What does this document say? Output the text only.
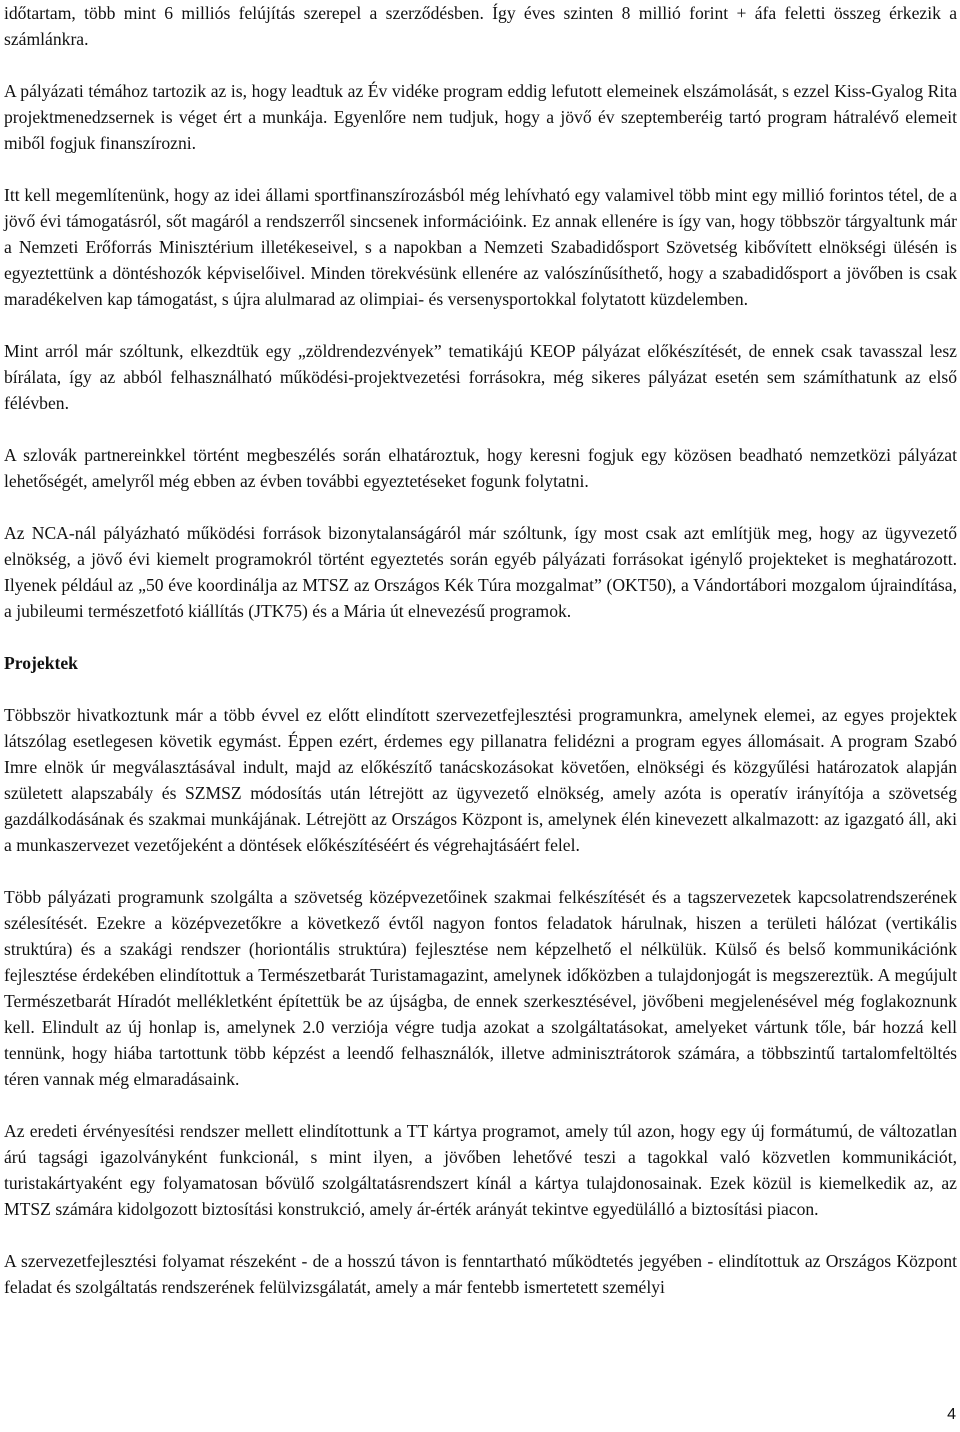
időtartam, több mint 6 milliós felújítás szerepel a szerződésben. Így éves szinten 8 millió forint + áfa feletti összeg érkezik a számlánkra.

A pályázati témához tartozik az is, hogy leadtuk az Év vidéke program eddig lefutott elemeinek elszámolását, s ezzel Kiss-Gyalog Rita projektmenedzsernek is véget ért a munkája. Egyenlőre nem tudjuk, hogy a jövő év szeptemberéig tartó program hátralévő elemeit miből fogjuk finanszírozni.

Itt kell megemlítenünk, hogy az idei állami sportfinanszírozásból még lehívható egy valamivel több mint egy millió forintos tétel, de a jövő évi támogatásról, sőt magáról a rendszerről sincsenek információink. Ez annak ellenére is így van, hogy többször tárgyaltunk már a Nemzeti Erőforrás Minisztérium illetékeseivel, s a napokban a Nemzeti Szabadidősport Szövetség kibővített elnökségi ülésén is egyeztettünk a döntéshozók képviselőivel. Minden törekvésünk ellenére az valószínűsíthető, hogy a szabadidősport a jövőben is csak maradékelven kap támogatást, s újra alulmarad az olimpiai- és versenysportokkal folytatott küzdelemben.

Mint arról már szóltunk, elkezdtük egy „zöldrendezvények” tematikájú KEOP pályázat előkészítését, de ennek csak tavasszal lesz bírálata, így az abból felhasználható működési-projektvezetési forrásokra, még sikeres pályázat esetén sem számíthatunk az első félévben.

A szlovák partnereinkkel történt megbeszélés során elhatároztuk, hogy keresni fogjuk egy közösen beadható nemzetközi pályázat lehetőségét, amelyről még ebben az évben további egyeztetéseket fogunk folytatni.

Az NCA-nál pályázható működési források bizonytalanságáról már szóltunk, így most csak azt említjük meg, hogy az ügyvezető elnökség, a jövő évi kiemelt programokról történt egyeztetés során egyéb pályázati forrásokat igénylő projekteket is meghatározott. Ilyenek például az „50 éve koordinálja az MTSZ az Országos Kék Túra mozgalmat” (OKT50), a Vándortábori mozgalom újraindítása, a jubileumi természetfotó kiállítás (JTK75) és a Mária út elnevezésű programok.

Projektek

Többször hivatkoztunk már a több évvel ez előtt elindított szervezetfejlesztési programunkra, amelynek elemei, az egyes projektek látszólag esetlegesen követik egymást. Éppen ezért, érdemes egy pillanatra felidézni a program egyes állomásait. A program Szabó Imre elnök úr megválasztásával indult, majd az előkészítő tanácskozásokat követően, elnökségi és közgyűlési határozatok alapján született alapszabály és SZMSZ módosítás után létrejött az ügyvezető elnökség, amely azóta is operatív irányítója a szövetség gazdálkodásának és szakmai munkájának. Létrejött az Országos Központ is, amelynek élén kinevezett alkalmazott: az igazgató áll, aki a munkaszervezet vezetőjeként a döntések előkészítéséért és végrehajtásáért felel.

Több pályázati programunk szolgálta a szövetség középvezetőinek szakmai felkészítését és a tagszervezetek kapcsolatrendszerének szélesítését. Ezekre a középvezetőkre a következő évtől nagyon fontos feladatok hárulnak, hiszen a területi hálózat (vertikális struktúra) és a szakági rendszer (horiontális struktúra) fejlesztése nem képzelhető el nélkülük. Külső és belső kommunikációnk fejlesztése érdekében elindítottuk a Természetbarát Turistamagazint, amelynek időközben a tulajdonjogát is megszereztük. A megújult Természetbarát Híradót mellékletként építettük be az újságba, de ennek szerkesztésével, jövőbeni megjelenésével még foglakoznunk kell. Elindult az új honlap is, amelynek 2.0 verziója végre tudja azokat a szolgáltatásokat, amelyeket vártunk tőle, bár hozzá kell tennünk, hogy hiába tartottunk több képzést a leendő felhasználók, illetve adminisztrátorok számára, a többszintű tartalomfeltöltés téren vannak még elmaradásaink.

Az eredeti érvényesítési rendszer mellett elindítottunk a TT kártya programot, amely túl azon, hogy egy új formátumú, de változatlan árú tagsági igazolványként funkcionál, s mint ilyen, a jövőben lehetővé teszi a tagokkal való közvetlen kommunikációt, turistakártyaként egy folyamatosan bővülő szolgáltatásrendszert kínál a kártya tulajdonosainak. Ezek közül is kiemelkedik az, az MTSZ számára kidolgozott biztosítási konstrukció, amely ár-érték arányát tekintve egyedülálló a biztosítási piacon.

A szervezetfejlesztési folyamat részeként - de a hosszú távon is fenntartható működtetés jegyében - elindítottuk az Országos Központ feladat és szolgáltatás rendszerének felülvizsgálatát, amely a már fentebb ismertetett személyi

4
